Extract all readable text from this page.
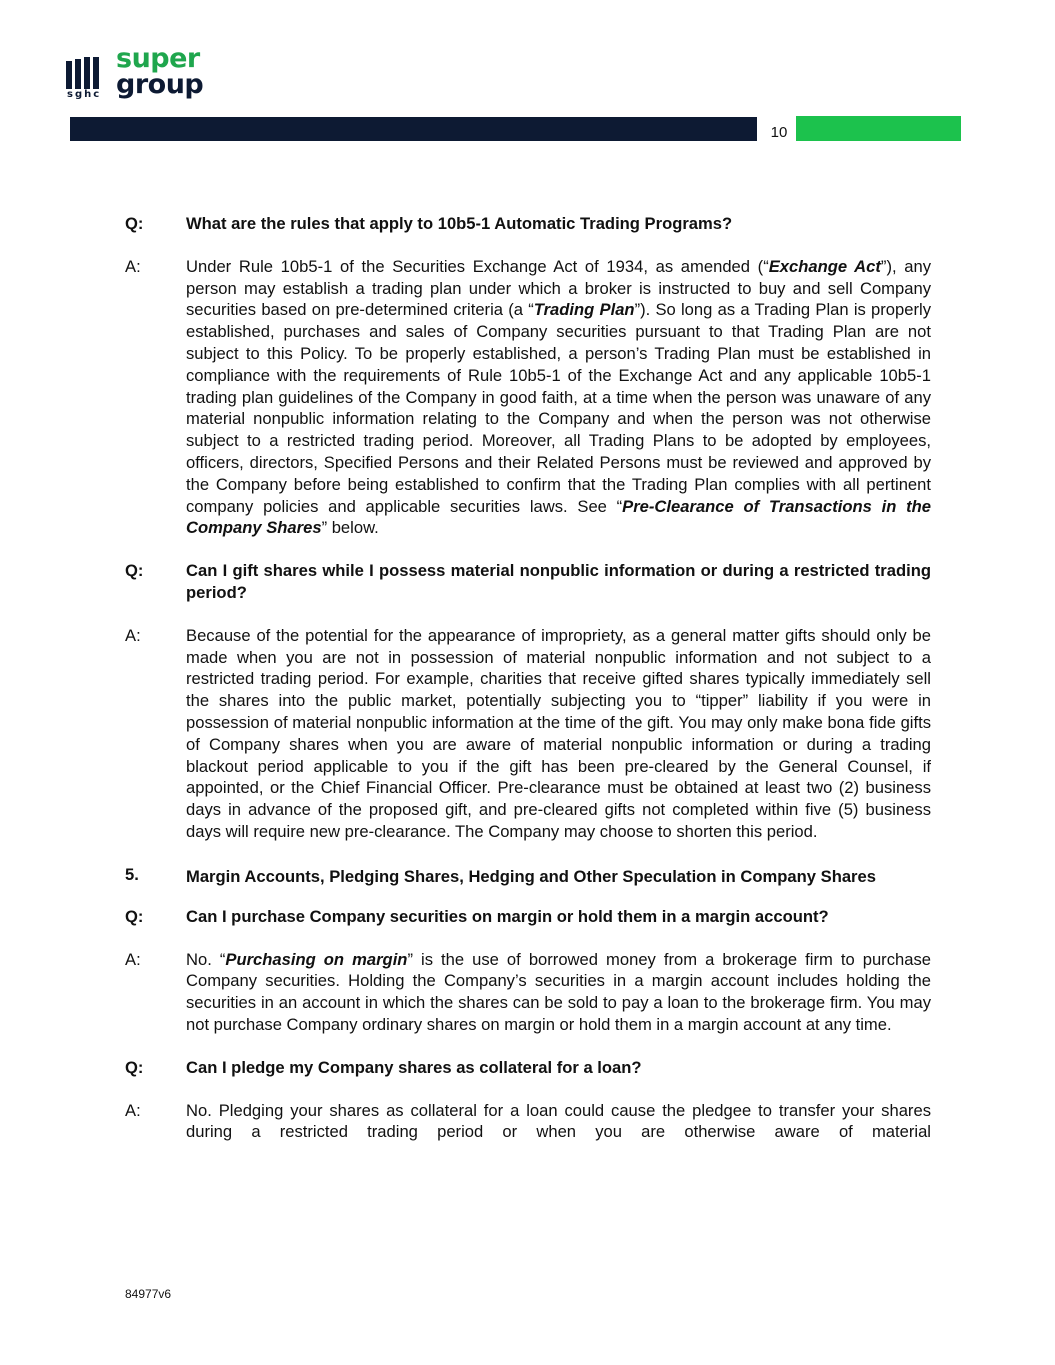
sghc
super
group
10
Q:	What are the rules that apply to 10b5-1 Automatic Trading Programs?
A:	Under Rule 10b5-1 of the Securities Exchange Act of 1934, as amended (“Exchange Act”), any person may establish a trading plan under which a broker is instructed to buy and sell Company securities based on pre-determined criteria (a “Trading Plan”). So long as a Trading Plan is properly established, purchases and sales of Company securities pursuant to that Trading Plan are not subject to this Policy. To be properly established, a person’s Trading Plan must be established in compliance with the requirements of Rule 10b5-1 of the Exchange Act and any applicable 10b5-1 trading plan guidelines of the Company in good faith, at a time when the person was unaware of any material nonpublic information relating to the Company and when the person was not otherwise subject to a restricted trading period. Moreover, all Trading Plans to be adopted by employees, officers, directors, Specified Persons and their Related Persons must be reviewed and approved by the Company before being established to confirm that the Trading Plan complies with all pertinent company policies and applicable securities laws. See “Pre-Clearance of Transactions in the Company Shares” below.
Q:	Can I gift shares while I possess material nonpublic information or during a restricted trading period?
A:	Because of the potential for the appearance of impropriety, as a general matter gifts should only be made when you are not in possession of material nonpublic information and not subject to a restricted trading period. For example, charities that receive gifted shares typically immediately sell the shares into the public market, potentially subjecting you to “tipper” liability if you were in possession of material nonpublic information at the time of the gift. You may only make bona fide gifts of Company shares when you are aware of material nonpublic information or during a trading blackout period applicable to you if the gift has been pre-cleared by the General Counsel, if appointed, or the Chief Financial Officer. Pre-clearance must be obtained at least two (2) business days in advance of the proposed gift, and pre-cleared gifts not completed within five (5) business days will require new pre-clearance. The Company may choose to shorten this period.
5.	Margin Accounts, Pledging Shares, Hedging and Other Speculation in Company Shares
Q:	Can I purchase Company securities on margin or hold them in a margin account?
A:	No. “Purchasing on margin” is the use of borrowed money from a brokerage firm to purchase Company securities. Holding the Company’s securities in a margin account includes holding the securities in an account in which the shares can be sold to pay a loan to the brokerage firm. You may not purchase Company ordinary shares on margin or hold them in a margin account at any time.
Q:	Can I pledge my Company shares as collateral for a loan?
A:	No. Pledging your shares as collateral for a loan could cause the pledgee to transfer your shares during a restricted trading period or when you are otherwise aware of material
84977v6
